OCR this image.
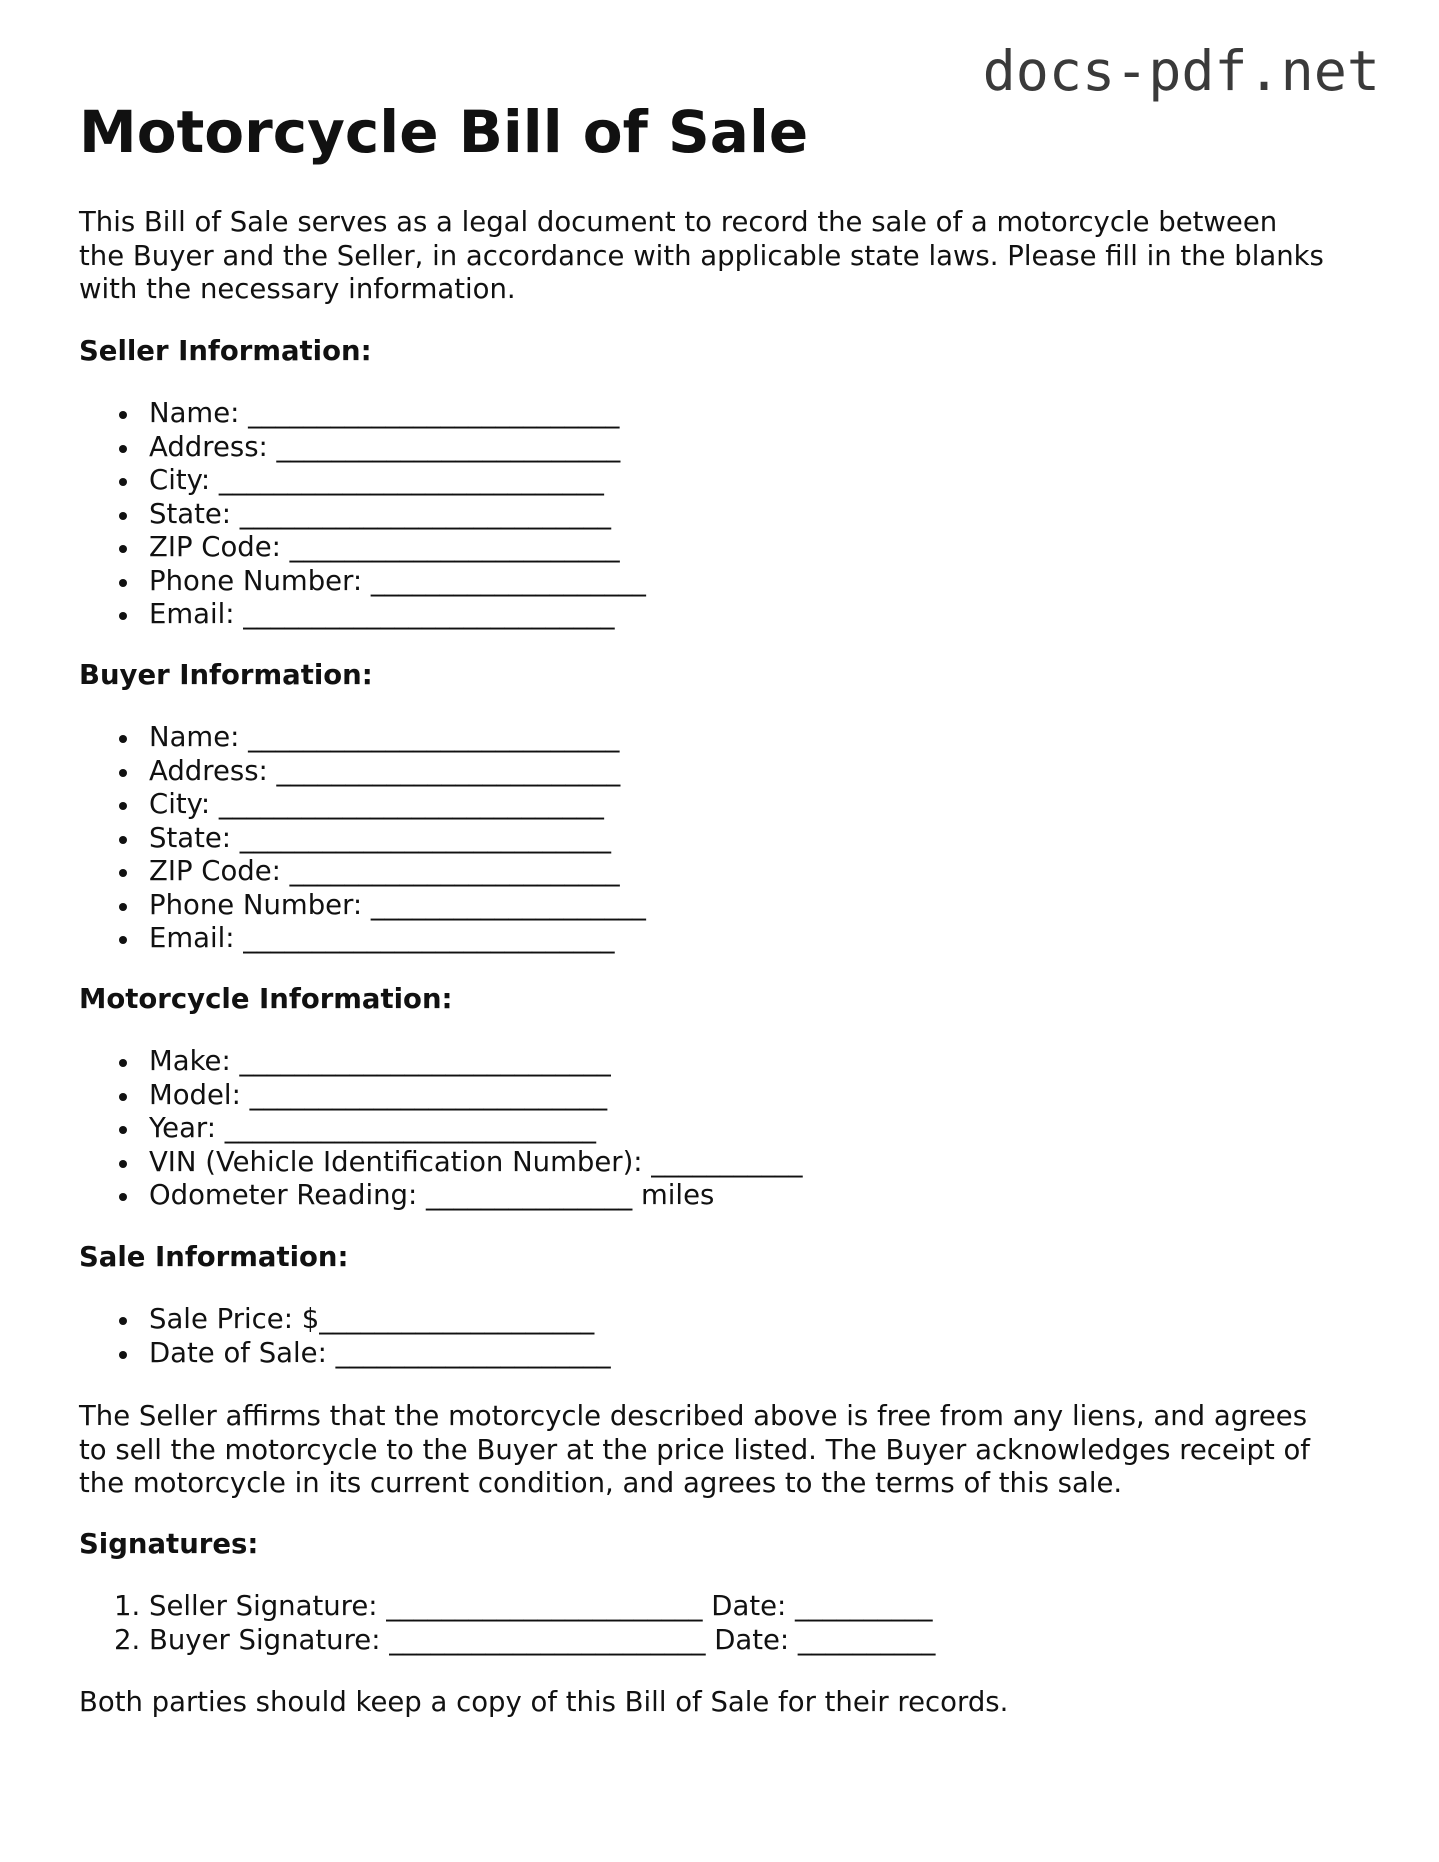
docs-pdf.net
Motorcycle Bill of Sale

This Bill of Sale serves as a legal document to record the sale of a motorcycle between
the Buyer and the Seller, in accordance with applicable state laws. Please fill in the blanks
with the necessary information.

Seller Information:
Name: ___________________________
Address: _________________________
City: ____________________________
State: ___________________________
ZIP Code: ________________________
Phone Number: ____________________
Email: ___________________________
Buyer Information:
Name: ___________________________
Address: _________________________
City: ____________________________
State: ___________________________
ZIP Code: ________________________
Phone Number: ____________________
Email: ___________________________
Motorcycle Information:
Make: ___________________________
Model: __________________________
Year: ___________________________
VIN (Vehicle Identification Number): ___________
Odometer Reading: _______________ miles
Sale Information:
Sale Price: $____________________
Date of Sale: ____________________

The Seller affirms that the motorcycle described above is free from any liens, and agrees
to sell the motorcycle to the Buyer at the price listed. The Buyer acknowledges receipt of
the motorcycle in its current condition, and agrees to the terms of this sale.

Signatures:
1. Seller Signature: _______________________ Date: __________
2. Buyer Signature: _______________________ Date: __________

Both parties should keep a copy of this Bill of Sale for their records.
